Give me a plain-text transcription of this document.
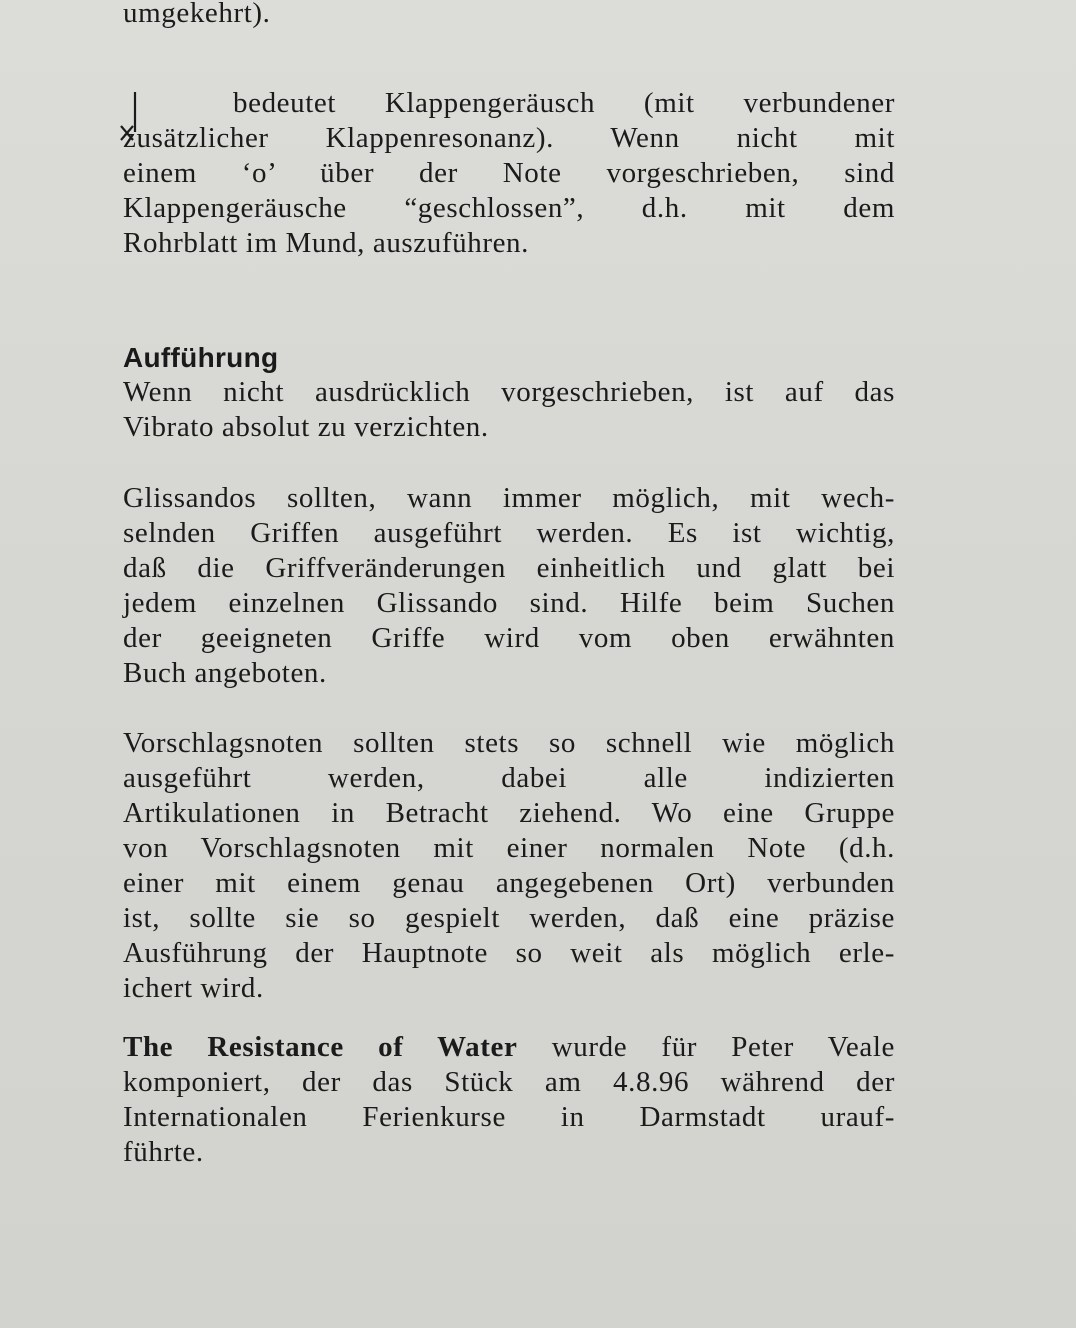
umgekehrt).

bedeutet Klappengeräusch (mit verbundener
zusätzlicher Klappenresonanz). Wenn nicht mit
einem ‘o’ über der Note vorgeschrieben, sind
Klappengeräusche “geschlossen”, d.h. mit dem
Rohrblatt im Mund, auszuführen.

Aufführung

Wenn nicht ausdrücklich vorgeschrieben, ist auf das
Vibrato absolut zu verzichten.

Glissandos sollten, wann immer möglich, mit wech-
selnden Griffen ausgeführt werden. Es ist wichtig,
daß die Griffveränderungen einheitlich und glatt bei
jedem einzelnen Glissando sind. Hilfe beim Suchen
der geeigneten Griffe wird vom oben erwähnten
Buch angeboten.

Vorschlagsnoten sollten stets so schnell wie möglich
ausgeführt werden, dabei alle indizierten
Artikulationen in Betracht ziehend. Wo eine Gruppe
von Vorschlagsnoten mit einer normalen Note (d.h.
einer mit einem genau angegebenen Ort) verbunden
ist, sollte sie so gespielt werden, daß eine präzise
Ausführung der Hauptnote so weit als möglich erle-
ichert wird.

The Resistance of Water wurde für Peter Veale
komponiert, der das Stück am 4.8.96 während der
Internationalen Ferienkurse in Darmstadt urauf-
führte.
